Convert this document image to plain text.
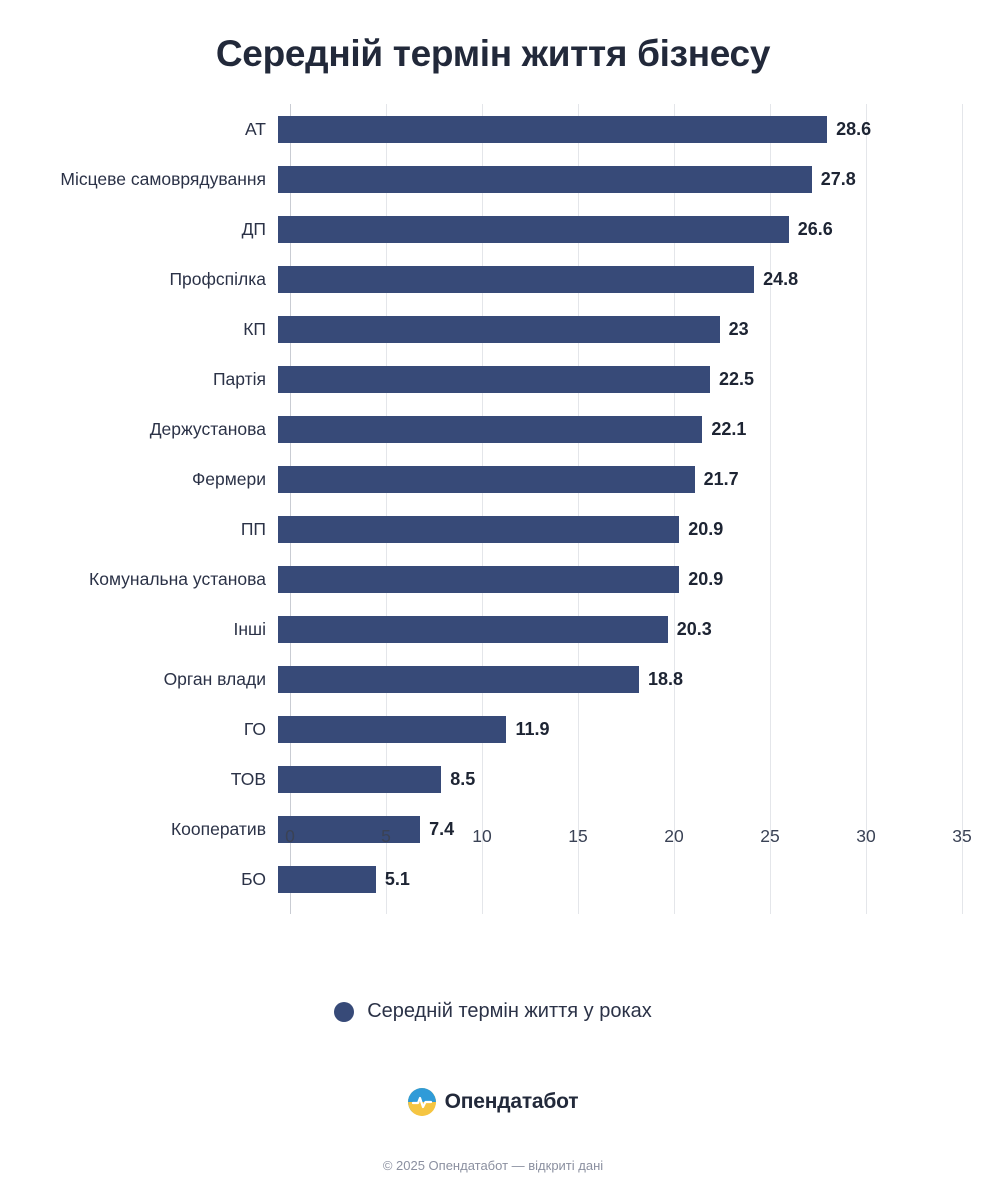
Середній термін життя бізнесу
АТ	28.6
Місцеве самоврядування	27.8
ДП	26.6
Профспілка	24.8
КП	23
Партія	22.5
Держустанова	22.1
Фермери	21.7
ПП	20.9
Комунальна установа	20.9
Інші	20.3
Орган влади	18.8
ГО	11.9
ТОВ	8.5
Кооператив	7.4
БО	5.1
0	5	10	15	20	25	30	35
Середній термін життя у роках
Опендатабот
© 2025 Опендатабот — відкриті дані
